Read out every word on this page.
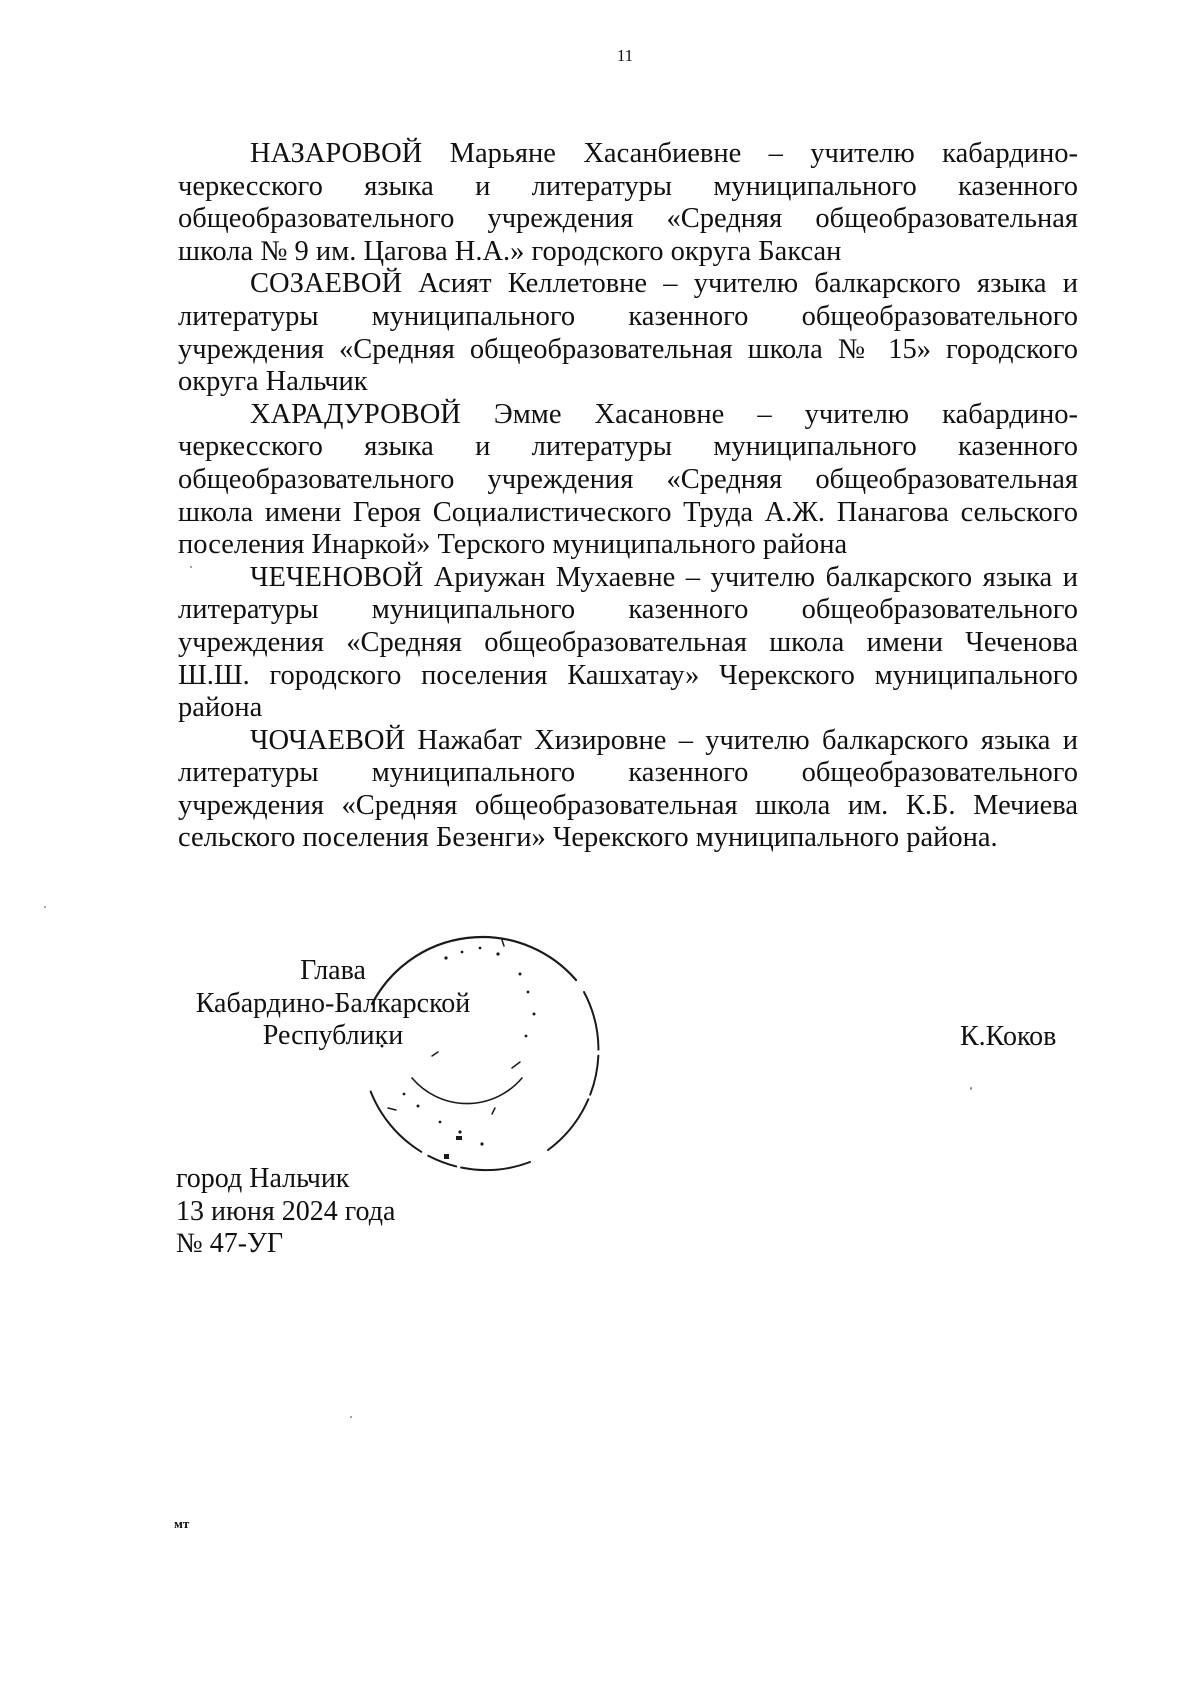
11

НАЗАРОВОЙ Марьяне Хасанбиевне – учителю кабардино-черкесского языка и литературы муниципального казенного общеобразовательного учреждения «Средняя общеобразовательная школа № 9 им. Цагова Н.А.» городского округа Баксан

СОЗАЕВОЙ Асият Келлетовне – учителю балкарского языка и литературы муниципального казенного общеобразовательного учреждения «Средняя общеобразовательная школа № 15» городского округа Нальчик

ХАРАДУРОВОЙ Эмме Хасановне – учителю кабардино-черкесского языка и литературы муниципального казенного общеобразовательного учреждения «Средняя общеобразовательная школа имени Героя Социалистического Труда А.Ж. Панагова сельского поселения Инаркой» Терского муниципального района

ЧЕЧЕНОВОЙ Ариужан Мухаевне – учителю балкарского языка и литературы муниципального казенного общеобразовательного учреждения «Средняя общеобразовательная школа имени Чеченова Ш.Ш. городского поселения Кашхатау» Черекского муниципального района

ЧОЧАЕВОЙ Нажабат Хизировне – учителю балкарского языка и литературы муниципального казенного общеобразовательного учреждения «Средняя общеобразовательная школа им. К.Б. Мечиева сельского поселения Безенги» Черекского муниципального района.

Глава
Кабардино-Балкарской
Республики	К.Коков
город Нальчик
13 июня 2024 года
№ 47-УГ
мт
